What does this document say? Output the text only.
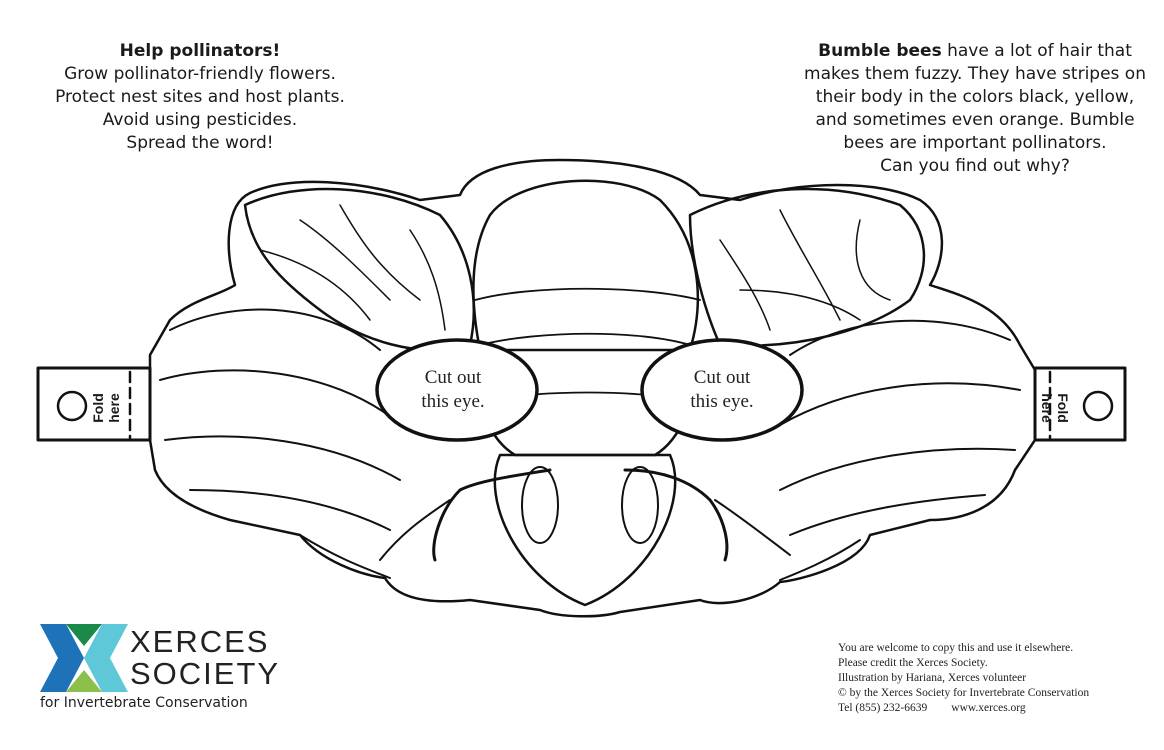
Help pollinators!
Grow pollinator-friendly flowers.
Protect nest sites and host plants.
Avoid using pesticides.
Spread the word!
Bumble bees have a lot of hair that
makes them fuzzy. They have stripes on
their body in the colors black, yellow,
and sometimes even orange. Bumble
bees are important pollinators.
Can you find out why?
Cut out
this eye.
Cut out
this eye.
Fold here	Fold
here
XERCES
SOCIETY
for Invertebrate Conservation
You are welcome to copy this and use it elsewhere.
Please credit the Xerces Society.
Illustration by Hariana, Xerces volunteer
© by the Xerces Society for Invertebrate Conservation
Tel (855) 232-6639 www.xerces.org
